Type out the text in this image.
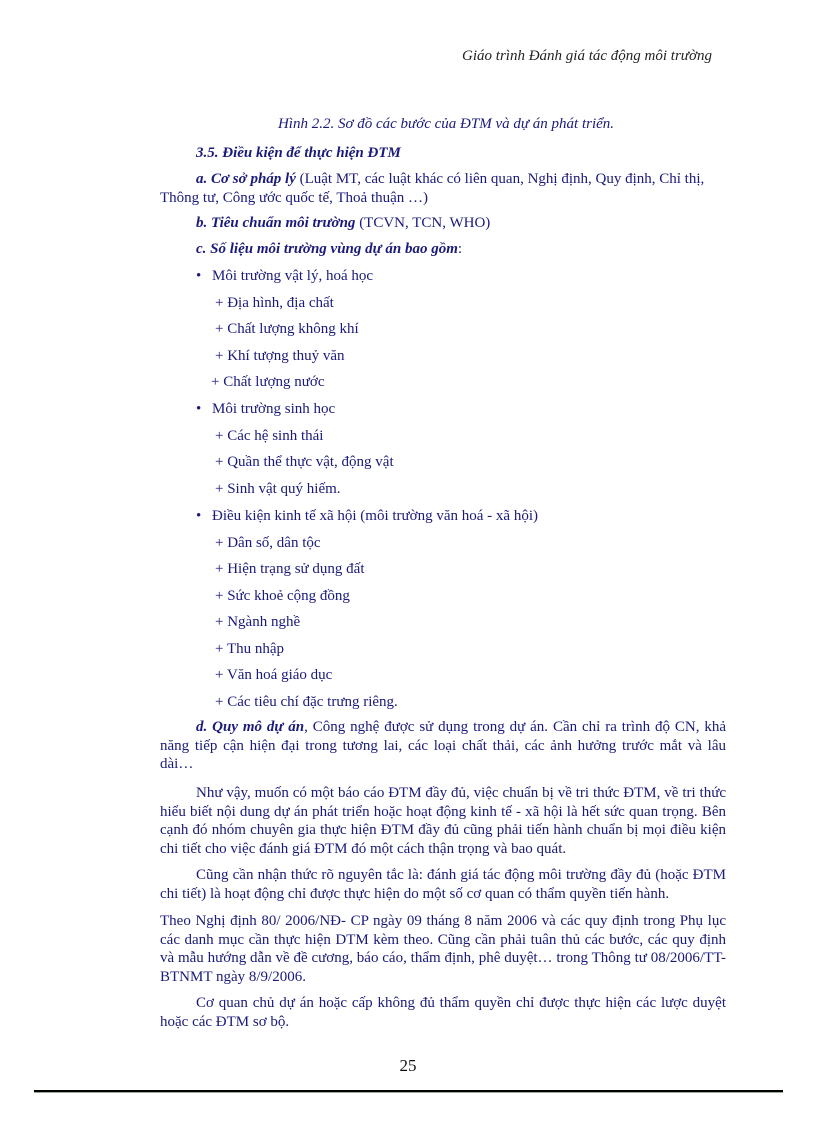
Giáo trình Đánh giá tác động môi trường
Hình 2.2. Sơ đồ các bước của ĐTM và dự án phát triển.
3.5. Điều kiện để thực hiện ĐTM
a. Cơ sở pháp lý (Luật MT, các luật khác có liên quan, Nghị định, Quy định, Chỉ thị,
Thông tư, Công ước quốc tế, Thoả thuận …)
b. Tiêu chuẩn môi trường (TCVN, TCN, WHO)
c. Số liệu môi trường vùng dự án bao gồm:
• Môi trường vật lý, hoá học
+ Địa hình, địa chất
+ Chất lượng không khí
+ Khí tượng thuỷ văn
+ Chất lượng nước
• Môi trường sinh học
+ Các hệ sinh thái
+ Quần thể thực vật, động vật
+ Sinh vật quý hiếm.
• Điều kiện kinh tế xã hội (môi trường văn hoá - xã hội)
+ Dân số, dân tộc
+ Hiện trạng sử dụng đất
+ Sức khoẻ cộng đồng
+ Ngành nghề
+ Thu nhập
+ Văn hoá giáo dục
+ Các tiêu chí đặc trưng riêng.
d. Quy mô dự án, Công nghệ được sử dụng trong dự án. Cần chỉ ra trình độ CN, khả năng tiếp cận hiện đại trong tương lai, các loại chất thải, các ảnh hưởng trước mắt và lâu dài…
Như vậy, muốn có một báo cáo ĐTM đầy đủ, việc chuẩn bị về tri thức ĐTM, về tri thức hiểu biết nội dung dự án phát triển hoặc hoạt động kinh tế - xã hội là hết sức quan trọng. Bên cạnh đó nhóm chuyên gia thực hiện ĐTM đầy đủ cũng phải tiến hành chuẩn bị mọi điều kiện chi tiết cho việc đánh giá ĐTM đó một cách thận trọng và bao quát.
Cũng cần nhận thức rõ nguyên tắc là: đánh giá tác động môi trường đầy đủ (hoặc ĐTM chi tiết) là hoạt động chỉ được thực hiện do một số cơ quan có thẩm quyền tiến hành.
Theo Nghị định 80/ 2006/NĐ- CP ngày 09 tháng 8 năm 2006 và các quy định trong Phụ lục các danh mục cần thực hiện DTM kèm theo. Cũng cần phải tuân thủ các bước, các quy định và mẫu hướng dẫn về đề cương, báo cáo, thẩm định, phê duyệt… trong Thông tư 08/2006/TT- BTNMT ngày 8/9/2006.
Cơ quan chủ dự án hoặc cấp không đủ thẩm quyền chỉ được thực hiện các lược duyệt hoặc các ĐTM sơ bộ.
25
